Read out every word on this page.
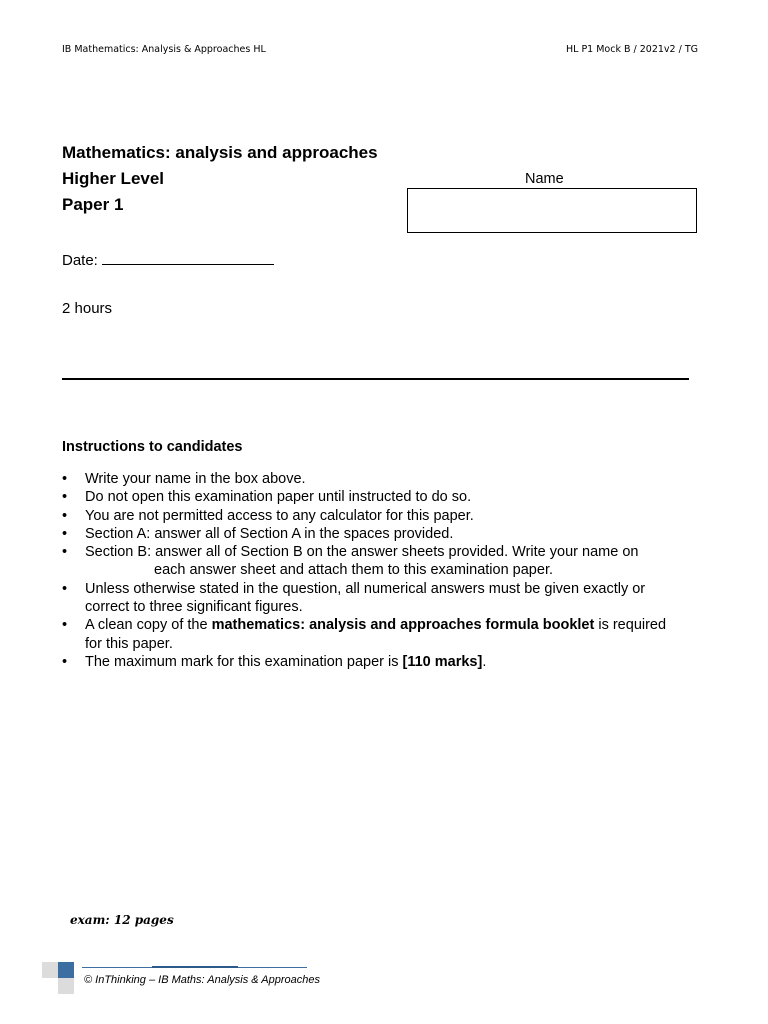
IB Mathematics: Analysis & Approaches HL	HL P1 Mock B / 2021v2 / TG
Mathematics: analysis and approaches
Higher Level
Paper 1
Name
Date:
2 hours
Instructions to candidates
• Write your name in the box above.
• Do not open this examination paper until instructed to do so.
• You are not permitted access to any calculator for this paper.
• Section A: answer all of Section A in the spaces provided.
• Section B: answer all of Section B on the answer sheets provided. Write your name on
each answer sheet and attach them to this examination paper.
• Unless otherwise stated in the question, all numerical answers must be given exactly or
correct to three significant figures.
• A clean copy of the mathematics: analysis and approaches formula booklet is required
for this paper.
• The maximum mark for this examination paper is [110 marks].
exam: 12 pages
© InThinking – IB Maths: Analysis & Approaches
